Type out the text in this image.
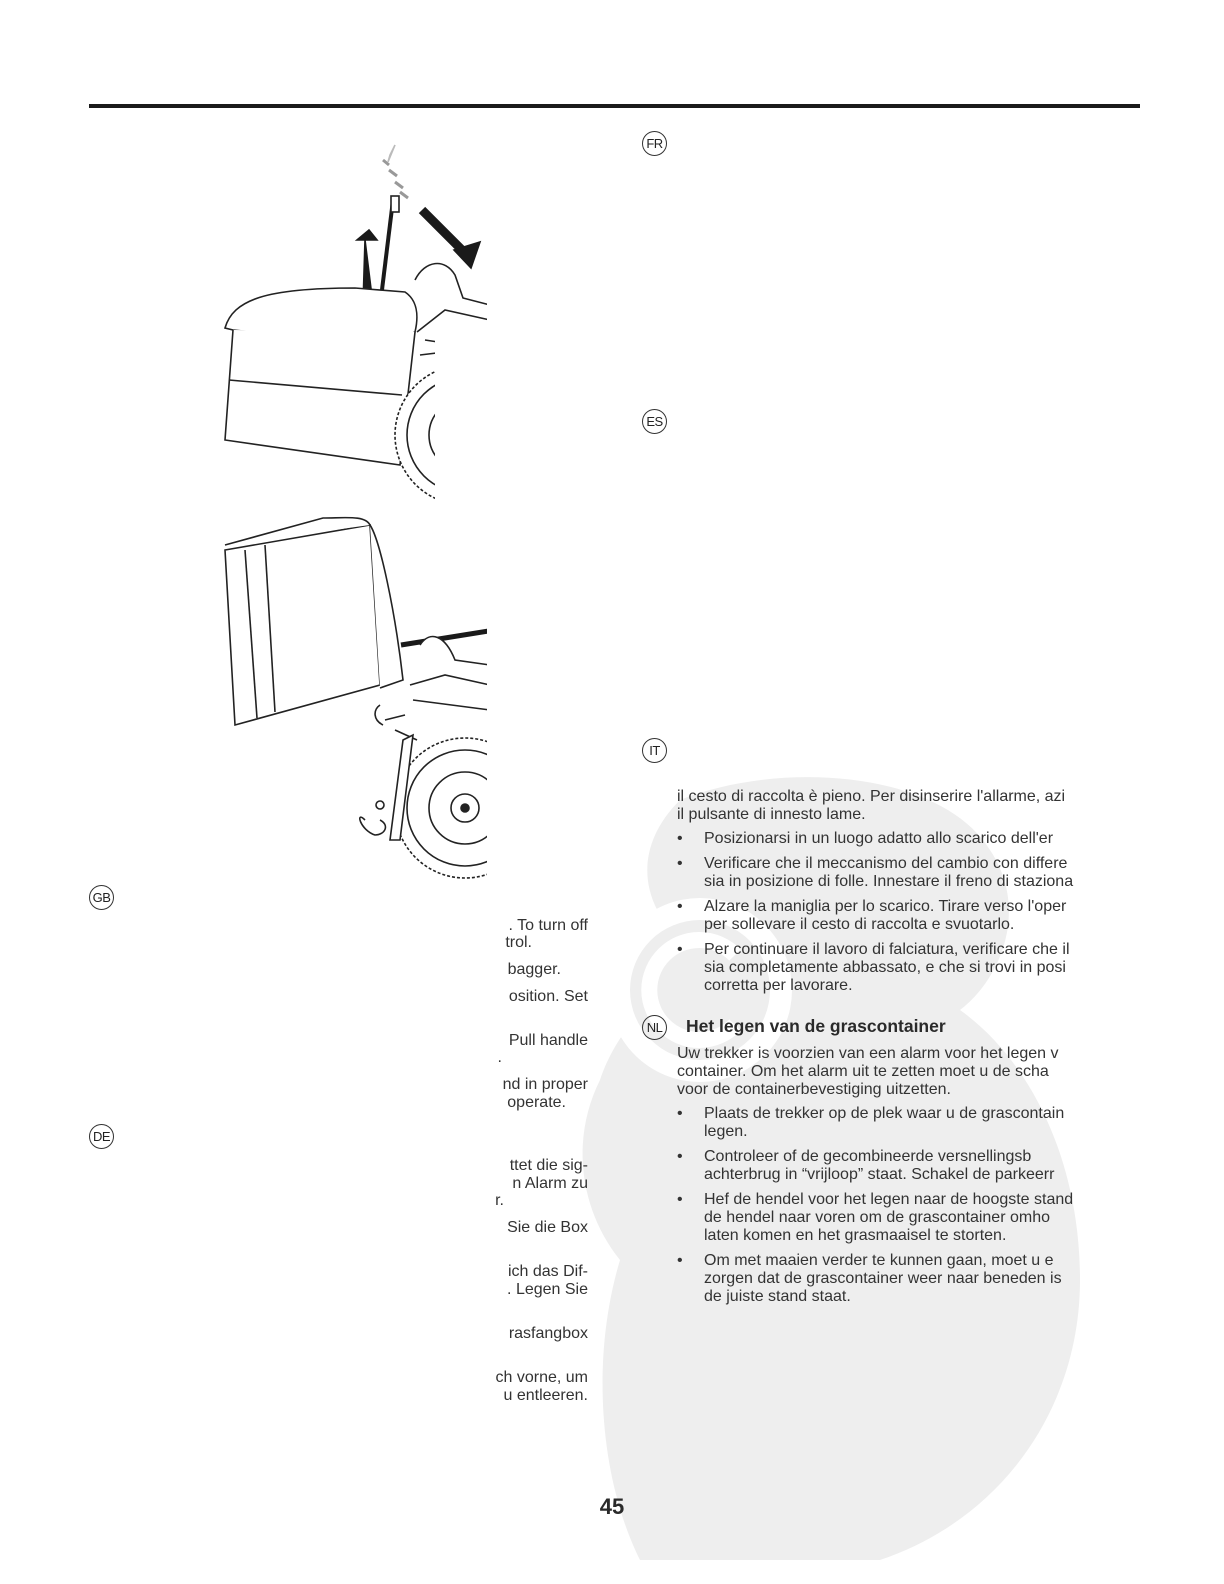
FR
ES
IT
NL
GB
DE
. To turn off
trol.
bagger.
osition. Set
Pull handle
.
nd in proper
operate.
ttet die sig-
n Alarm zu
r.
Sie die Box
ich das Dif-
. Legen Sie
rasfangbox
ch vorne, um
u entleeren.

il cesto di raccolta è pieno. Per disinserire l'allarme, azi

il pulsante di innesto lame.

• Posizionarsi in un luogo adatto allo scarico dell'er
• Verificare che il meccanismo del cambio con differe
sia in posizione di folle. Innestare il freno di staziona
• Alzare la maniglia per lo scarico. Tirare verso l'oper
per sollevare il cesto di raccolta e svuotarlo.
• Per continuare il lavoro di falciatura, verificare che il
sia completamente abbassato, e che si trovi in posi
corretta per lavorare.
Het legen van de grascontainer

Uw trekker is voorzien van een alarm voor het legen v

container. Om het alarm uit te zetten moet u de scha

voor de containerbevestiging uitzetten.

• Plaats de trekker op de plek waar u de grascontain
legen.
• Controleer of de gecombineerde versnellingsb
achterbrug in “vrijloop” staat. Schakel de parkeerr
• Hef de hendel voor het legen naar de hoogste stand
de hendel naar voren om de grascontainer omho
laten komen en het grasmaaisel te storten.
• Om met maaien verder te kunnen gaan, moet u e
zorgen dat de grascontainer weer naar beneden is
de juiste stand staat.
45
